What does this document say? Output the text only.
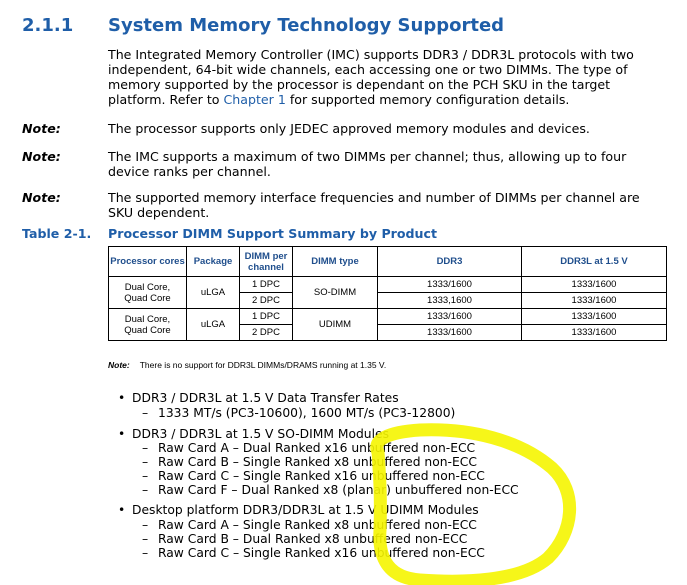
2.1.1 System Memory Technology Supported
The Integrated Memory Controller (IMC) supports DDR3 / DDR3L protocols with two
independent, 64-bit wide channels, each accessing one or two DIMMs. The type of
memory supported by the processor is dependant on the PCH SKU in the target
platform. Refer to Chapter 1 for supported memory configuration details.
Note:	The processor supports only JEDEC approved memory modules and devices.
Note:	The IMC supports a maximum of two DIMMs per channel; thus, allowing up to four
device ranks per channel.
Note:	The supported memory interface frequencies and number of DIMMs per channel are
SKU dependent.
Table 2-1. Processor DIMM Support Summary by Product
Processor cores	Package	DIMM per channel	DIMM type	DDR3	DDR3L at 1.5 V

Dual Core,
Quad Core	uLGA	1 DPC	SO-DIMM	1333/1600	1333/1600
		2 DPC		1333,1600	1333/1600

Dual Core,
Quad Core	uLGA	1 DPC	UDIMM	1333/1600	1333/1600
		2 DPC		1333/1600	1333/1600
Note: There is no support for DDR3L DIMMs/DRAMS running at 1.35 V.
• DDR3 / DDR3L at 1.5 V Data Transfer Rates
– 1333 MT/s (PC3-10600), 1600 MT/s (PC3-12800)
• DDR3 / DDR3L at 1.5 V SO-DIMM Modules
– Raw Card A – Dual Ranked x16 unbuffered non-ECC
– Raw Card B – Single Ranked x8 unbuffered non-ECC
– Raw Card C – Single Ranked x16 unbuffered non-ECC
– Raw Card F – Dual Ranked x8 (planar) unbuffered non-ECC
• Desktop platform DDR3/DDR3L at 1.5 V UDIMM Modules
– Raw Card A – Single Ranked x8 unbuffered non-ECC
– Raw Card B – Dual Ranked x8 unbuffered non-ECC
– Raw Card C – Single Ranked x16 unbuffered non-ECC
